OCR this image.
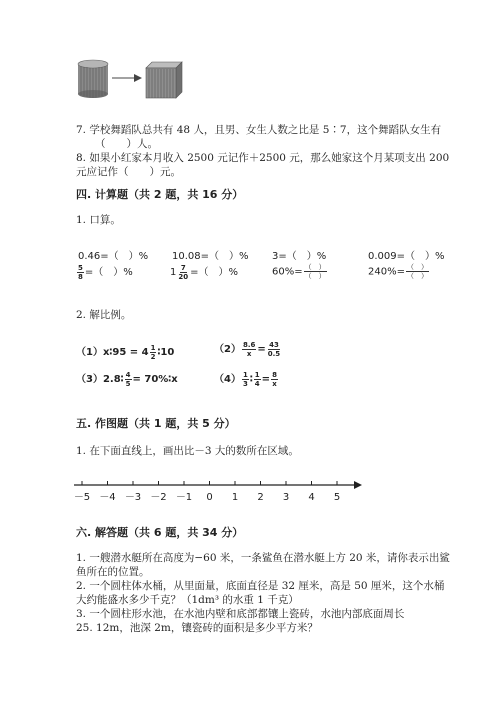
7. 学校舞蹈队总共有 48 人，且男、女生人数之比是 5∶7，这个舞蹈队女生有
（　　）人。
8. 如果小红家本月收入 2500 元记作＋2500 元，那么她家这个月某项支出 200
元应记作（　　）元。
四. 计算题（共 2 题，共 16 分）
1. 口算。
0.46=（　）% 10.08=（　）% 3=（　）%	0.009=（　）%
$\frac{5}{8}$ =（　）%	$1 \frac{7}{20}$ =（　）%	$60\%= \frac{( )}{( )}$	$240\%= \frac{( )}{( )}$
2. 解比例。
（1）x∶95 = $4 \frac{1}{2}$ ∶10	$(2) \frac{8.6}{x} = \frac{43}{0.5}$
（3）2.8∶ $\frac{4}{5}$ = 70%∶x	$(4) \frac{1}{3}$ ∶ $\frac{1}{4} = \frac{8}{x}$
五. 作图题（共 1 题，共 5 分）
1. 在下面直线上，画出比－3 大的数所在区域。
－5 －4 －3 －2 －1 0 1 2 3 4 5
六. 解答题（共 6 题，共 34 分）
1. 一艘潜水艇所在高度为−60 米，一条鲨鱼在潜水艇上方 20 米，请你表示出鲨
鱼所在的位置。
2. 一个圆柱体水桶，从里面量，底面直径是 32 厘米，高是 50 厘米，这个水桶
大约能盛水多少千克？（1dm³ 的水重 1 千克）
3. 一个圆柱形水池，在水池内壁和底部都镶上瓷砖，水池内部底面周长
25. 12m，池深 2m，镶瓷砖的面积是多少平方米？
